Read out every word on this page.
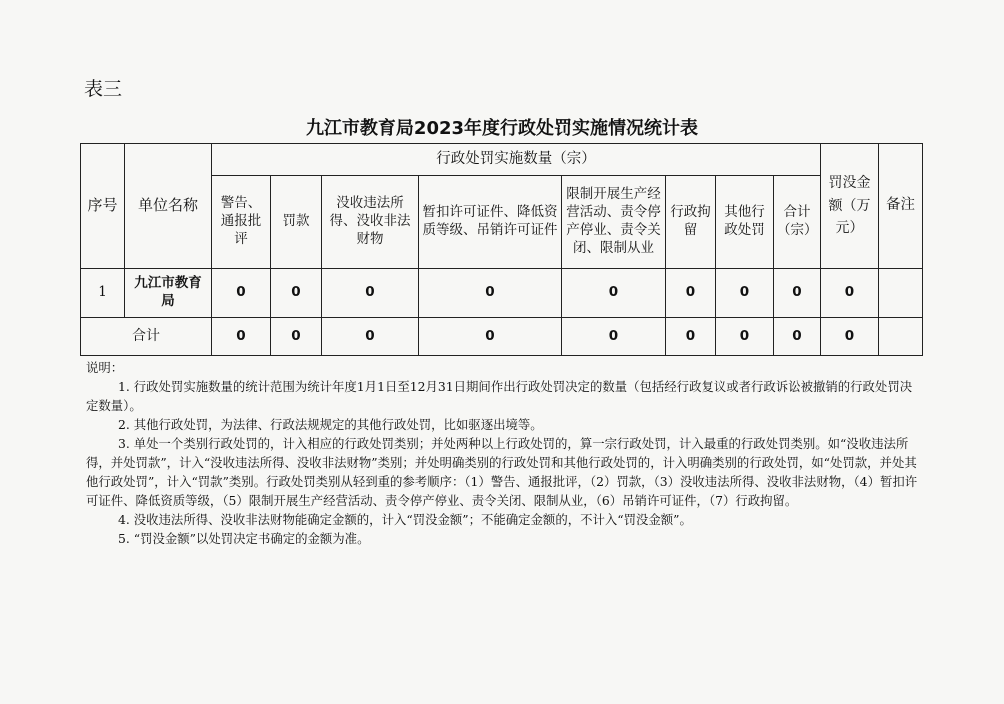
表三
九江市教育局2023年度行政处罚实施情况统计表
序号	单位名称	行政处罚实施数量（宗）								罚没金额（万元）	备注
		警告、通报批评	罚款	没收违法所得、没收非法财物	暂扣许可证件、降低资质等级、吊销许可证件	限制开展生产经营活动、责令停产停业、责令关闭、限制从业	行政拘留	其他行政处罚	合计（宗）		
1	九江市教育局	0	0	0	0	0	0	0	0	0	
合计		0	0	0	0	0	0	0	0	0	

说明：

1. 行政处罚实施数量的统计范围为统计年度1月1日至12月31日期间作出行政处罚决定的数量（包括经行政复议或者行政诉讼被撤销的行政处罚决定数量）。

2. 其他行政处罚，为法律、行政法规规定的其他行政处罚，比如驱逐出境等。

3. 单处一个类别行政处罚的，计入相应的行政处罚类别；并处两种以上行政处罚的，算一宗行政处罚，计入最重的行政处罚类别。如“没收违法所得，并处罚款”，计入“没收违法所得、没收非法财物”类别；并处明确类别的行政处罚和其他行政处罚的，计入明确类别的行政处罚，如“处罚款，并处其他行政处罚”，计入“罚款”类别。行政处罚类别从轻到重的参考顺序：（1）警告、通报批评，（2）罚款，（3）没收违法所得、没收非法财物，（4）暂扣许可证件、降低资质等级，（5）限制开展生产经营活动、责令停产停业、责令关闭、限制从业，（6）吊销许可证件，（7）行政拘留。

4. 没收违法所得、没收非法财物能确定金额的，计入“罚没金额”；不能确定金额的，不计入“罚没金额”。

5. “罚没金额”以处罚决定书确定的金额为准。
